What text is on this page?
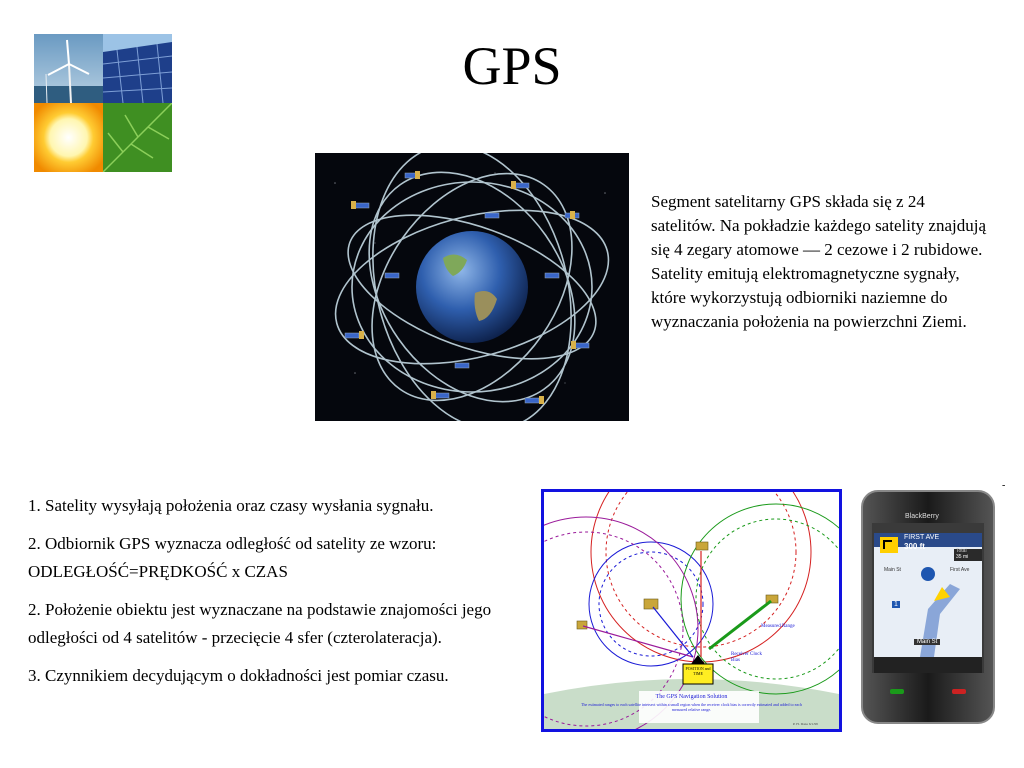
GPS
Segment satelitarny GPS składa się z 24 satelitów. Na pokładzie każdego satelity znajdują się 4 zegary atomowe — 2 cezowe i 2 rubidowe. Satelity emitują elektromagnetyczne sygnały, które wykorzystują odbiorniki naziemne do wyznaczania położenia na powierzchni Ziemi.

1. Satelity wysyłają położenia oraz czasy wysłania sygnału.

2. Odbiornik GPS wyznacza odległość od satelity ze wzoru:
ODLEGŁOŚĆ=PRĘDKOŚĆ x CZAS

2. Położenie obiektu jest wyznaczane na podstawie znajomości jego odległości od 4 satelitów - przecięcie 4 sfer (czterolateracja).

3. Czynnikiem decydującym o dokładności jest pomiar czasu.

Measured Range
Receiver Clock Bias
POSITION and TIME
The GPS Navigation Solution
The estimated ranges to each satellite intersect within a small region when the receiver clock bias is correctly estimated and added to each measured relative range.
P. H. Dana 6/1/98
BlackBerry
FIRST AVE
300 ft	Total
35 mi
Main St	First Ave
1
Main St
-
